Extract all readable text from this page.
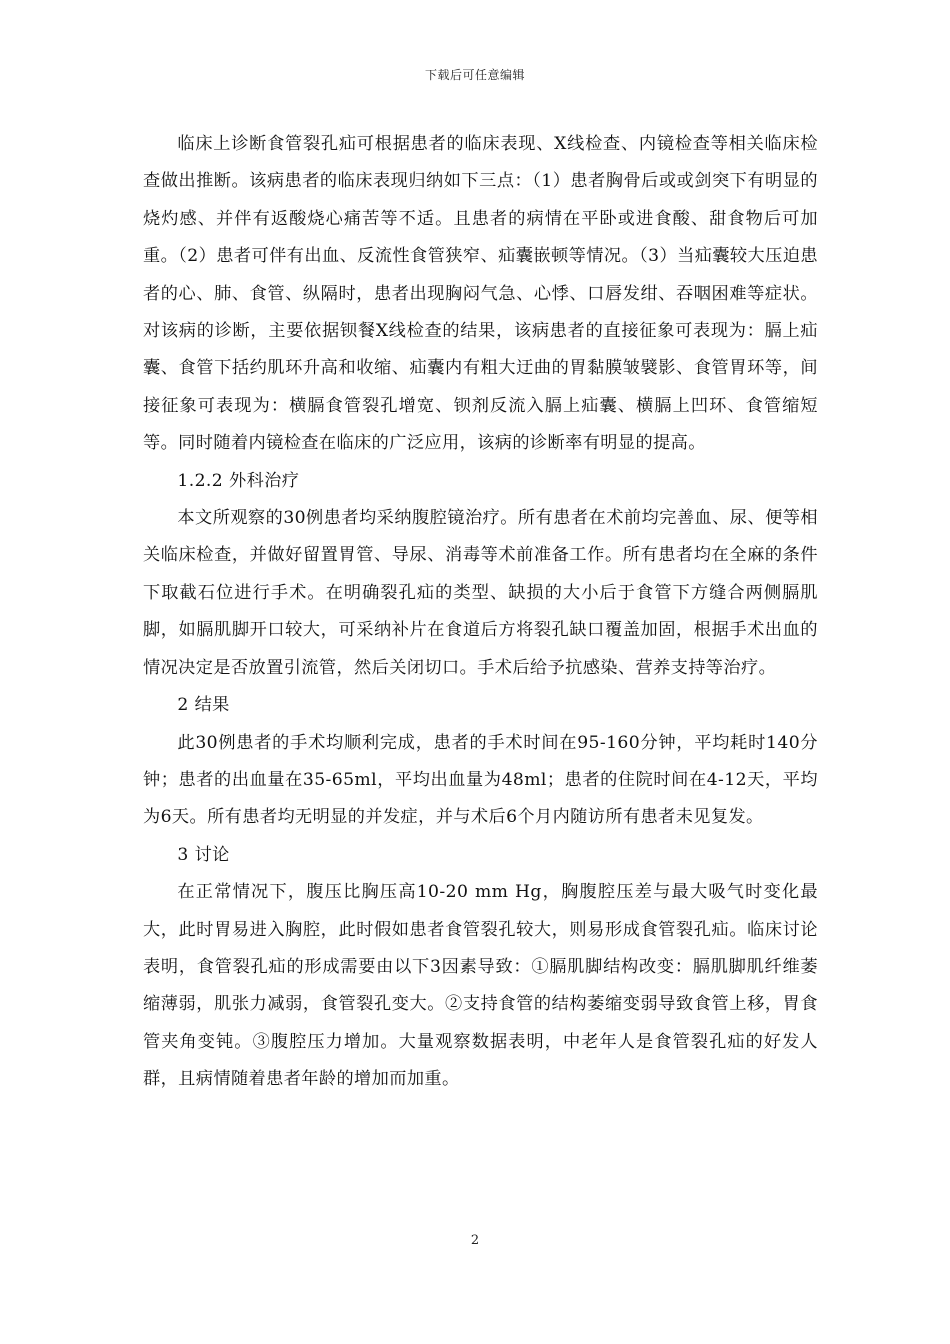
下载后可任意编辑

临床上诊断食管裂孔疝可根据患者的临床表现、X线检查、内镜检查等相关临床检查做出推断。该病患者的临床表现归纳如下三点：（1）患者胸骨后或或剑突下有明显的烧灼感、并伴有返酸烧心痛苦等不适。且患者的病情在平卧或进食酸、甜食物后可加重。（2）患者可伴有出血、反流性食管狭窄、疝囊嵌顿等情况。（3）当疝囊较大压迫患者的心、肺、食管、纵隔时，患者出现胸闷气急、心悸、口唇发绀、吞咽困难等症状。对该病的诊断，主要依据钡餐X线检查的结果，该病患者的直接征象可表现为：膈上疝囊、食管下括约肌环升高和收缩、疝囊内有粗大迂曲的胃黏膜皱襞影、食管胃环等，间接征象可表现为：横膈食管裂孔增宽、钡剂反流入膈上疝囊、横膈上凹环、食管缩短等。同时随着内镜检查在临床的广泛应用，该病的诊断率有明显的提高。

1.2.2 外科治疗

本文所观察的30例患者均采纳腹腔镜治疗。所有患者在术前均完善血、尿、便等相关临床检查，并做好留置胃管、导尿、消毒等术前准备工作。所有患者均在全麻的条件下取截石位进行手术。在明确裂孔疝的类型、缺损的大小后于食管下方缝合两侧膈肌脚，如膈肌脚开口较大，可采纳补片在食道后方将裂孔缺口覆盖加固，根据手术出血的情况决定是否放置引流管，然后关闭切口。手术后给予抗感染、营养支持等治疗。

2 结果

此30例患者的手术均顺利完成，患者的手术时间在95-160分钟，平均耗时140分钟；患者的出血量在35-65ml，平均出血量为48ml；患者的住院时间在4-12天，平均为6天。所有患者均无明显的并发症，并与术后6个月内随访所有患者未见复发。

3 讨论

在正常情况下，腹压比胸压高10-20 mm Hg，胸腹腔压差与最大吸气时变化最大，此时胃易进入胸腔，此时假如患者食管裂孔较大，则易形成食管裂孔疝。临床讨论表明，食管裂孔疝的形成需要由以下3因素导致：①膈肌脚结构改变：膈肌脚肌纤维萎缩薄弱，肌张力减弱，食管裂孔变大。②支持食管的结构萎缩变弱导致食管上移，胃食管夹角变钝。③腹腔压力增加。大量观察数据表明，中老年人是食管裂孔疝的好发人群，且病情随着患者年龄的增加而加重。

2
